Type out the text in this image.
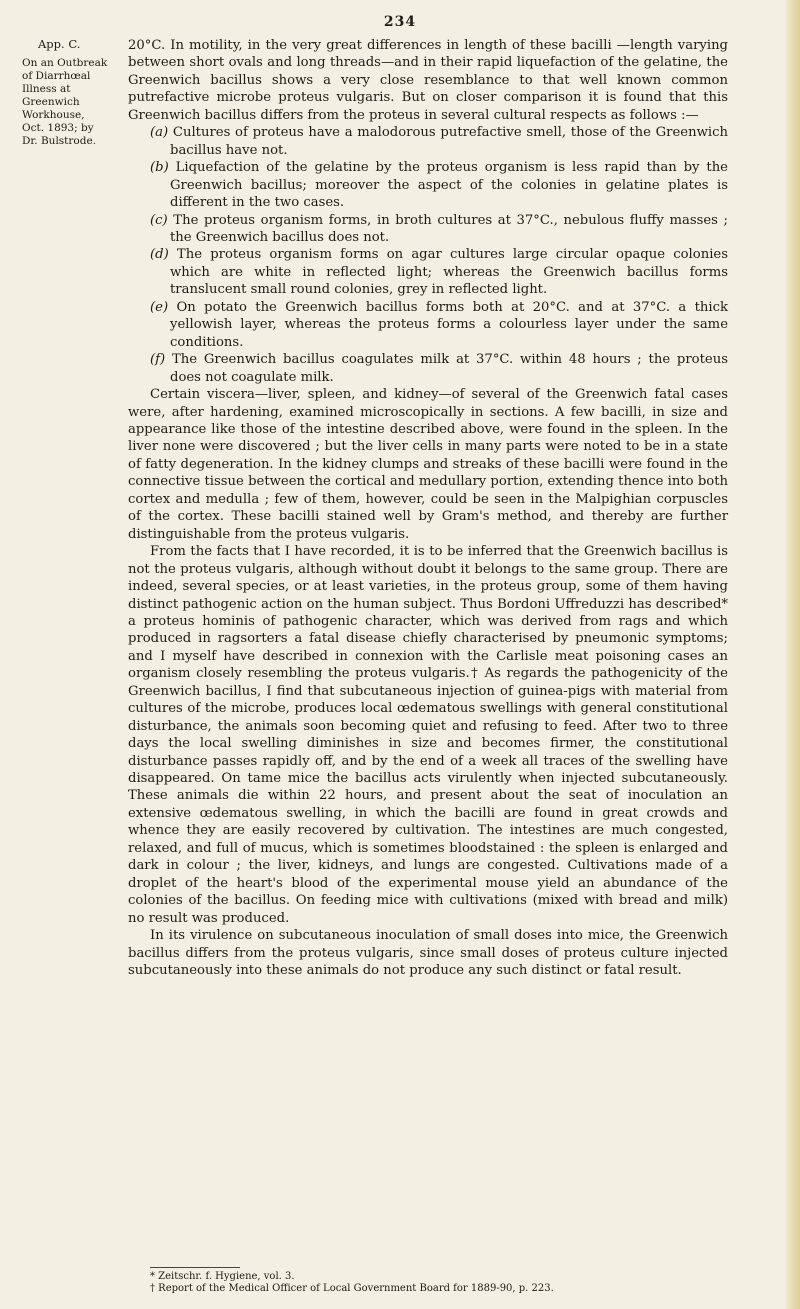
234
App. C.
On an Outbreak
of Diarrhœal
Illness at
Greenwich
Workhouse,
Oct. 1893; by
Dr. Bulstrode.

20°C. In motility, in the very great differences in length of these bacilli —length varying between short ovals and long threads—and in their rapid liquefaction of the gelatine, the Greenwich bacillus shows a very close resemblance to that well known common putrefactive microbe proteus vulgaris. But on closer comparison it is found that this Greenwich bacillus differs from the proteus in several cultural respects as follows :—

(a) Cultures of proteus have a malodorous putrefactive smell, those of the Greenwich bacillus have not.
(b) Liquefaction of the gelatine by the proteus organism is less rapid than by the Greenwich bacillus; moreover the aspect of the colonies in gelatine plates is different in the two cases.
(c) The proteus organism forms, in broth cultures at 37°C., nebulous fluffy masses ; the Greenwich bacillus does not.
(d) The proteus organism forms on agar cultures large circular opaque colonies which are white in reflected light; whereas the Greenwich bacillus forms translucent small round colonies, grey in reflected light.
(e) On potato the Greenwich bacillus forms both at 20°C. and at 37°C. a thick yellowish layer, whereas the proteus forms a colourless layer under the same conditions.
(f) The Greenwich bacillus coagulates milk at 37°C. within 48 hours ; the proteus does not coagulate milk.

Certain viscera—liver, spleen, and kidney—of several of the Greenwich fatal cases were, after hardening, examined microscopically in sections. A few bacilli, in size and appearance like those of the intestine described above, were found in the spleen. In the liver none were discovered ; but the liver cells in many parts were noted to be in a state of fatty degeneration. In the kidney clumps and streaks of these bacilli were found in the connective tissue between the cortical and medullary portion, extending thence into both cortex and medulla ; few of them, however, could be seen in the Malpighian corpuscles of the cortex. These bacilli stained well by Gram's method, and thereby are further distinguishable from the proteus vulgaris.

From the facts that I have recorded, it is to be inferred that the Greenwich bacillus is not the proteus vulgaris, although without doubt it belongs to the same group. There are indeed, several species, or at least varieties, in the proteus group, some of them having distinct pathogenic action on the human subject. Thus Bordoni Uffreduzzi has described* a proteus hominis of pathogenic character, which was derived from rags and which produced in ragsorters a fatal disease chiefly characterised by pneumonic symptoms; and I myself have described in connexion with the Carlisle meat poisoning cases an organism closely resembling the proteus vulgaris.† As regards the pathogenicity of the Greenwich bacillus, I find that subcutaneous injection of guinea-pigs with material from cultures of the microbe, produces local œdematous swellings with general constitutional disturbance, the animals soon becoming quiet and refusing to feed. After two to three days the local swelling diminishes in size and becomes firmer, the constitutional disturbance passes rapidly off, and by the end of a week all traces of the swelling have disappeared. On tame mice the bacillus acts virulently when injected subcutaneously. These animals die within 22 hours, and present about the seat of inoculation an extensive œdematous swelling, in which the bacilli are found in great crowds and whence they are easily recovered by cultivation. The intestines are much congested, relaxed, and full of mucus, which is sometimes bloodstained : the spleen is enlarged and dark in colour ; the liver, kidneys, and lungs are congested. Cultivations made of a droplet of the heart's blood of the experimental mouse yield an abundance of the colonies of the bacillus. On feeding mice with cultivations (mixed with bread and milk) no result was produced.

In its virulence on subcutaneous inoculation of small doses into mice, the Greenwich bacillus differs from the proteus vulgaris, since small doses of proteus culture injected subcutaneously into these animals do not produce any such distinct or fatal result.

* Zeitschr. f. Hygiene, vol. 3.
† Report of the Medical Officer of Local Government Board for 1889-90, p. 223.
